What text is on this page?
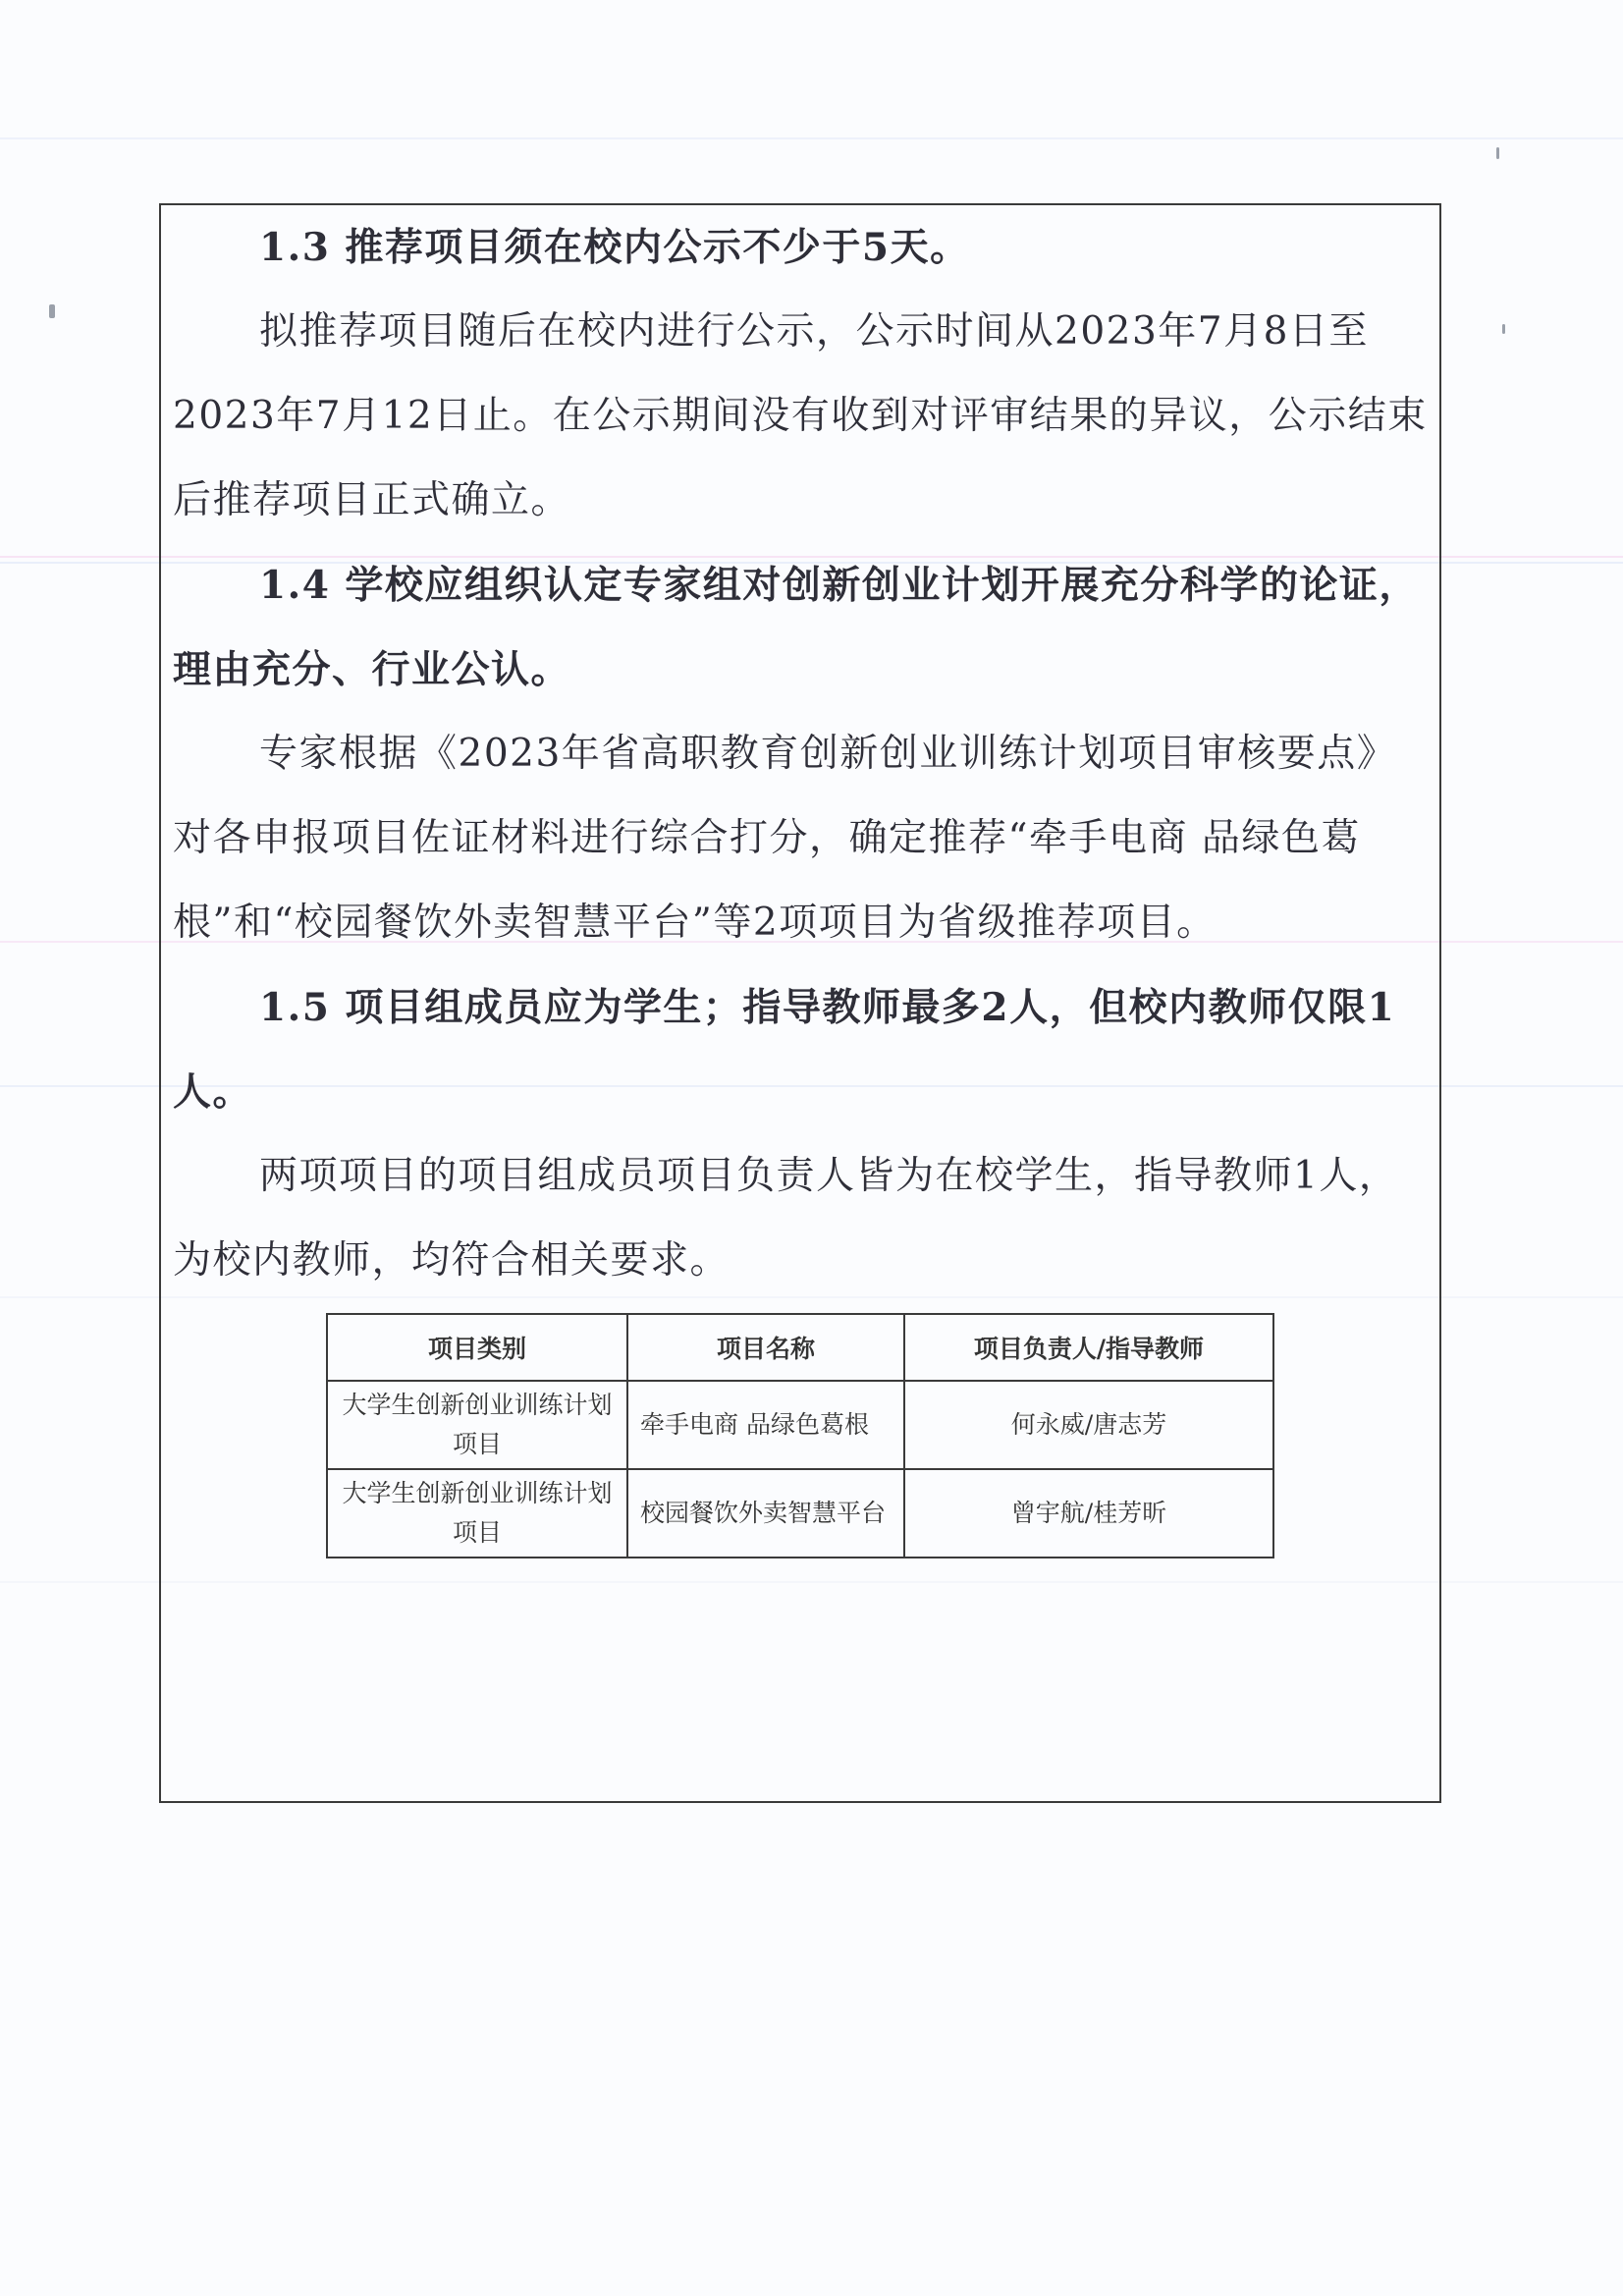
1.3 推荐项目须在校内公示不少于5天。

拟推荐项目随后在校内进行公示，公示时间从2023年7月8日至2023年7月12日止。在公示期间没有收到对评审结果的异议，公示结束后推荐项目正式确立。

1.4 学校应组织认定专家组对创新创业计划开展充分科学的论证，理由充分、行业公认。

专家根据《2023年省高职教育创新创业训练计划项目审核要点》对各申报项目佐证材料进行综合打分，确定推荐“牵手电商 品绿色葛根”和“校园餐饮外卖智慧平台”等2项项目为省级推荐项目。

1.5 项目组成员应为学生；指导教师最多2人，但校内教师仅限1人。

两项项目的项目组成员项目负责人皆为在校学生，指导教师1人，为校内教师，均符合相关要求。

项目类别	项目名称	项目负责人/指导教师
大学生创新创业训练计划项目	牵手电商 品绿色葛根	何永威/唐志芳
大学生创新创业训练计划项目	校园餐饮外卖智慧平台	曾宇航/桂芳昕
